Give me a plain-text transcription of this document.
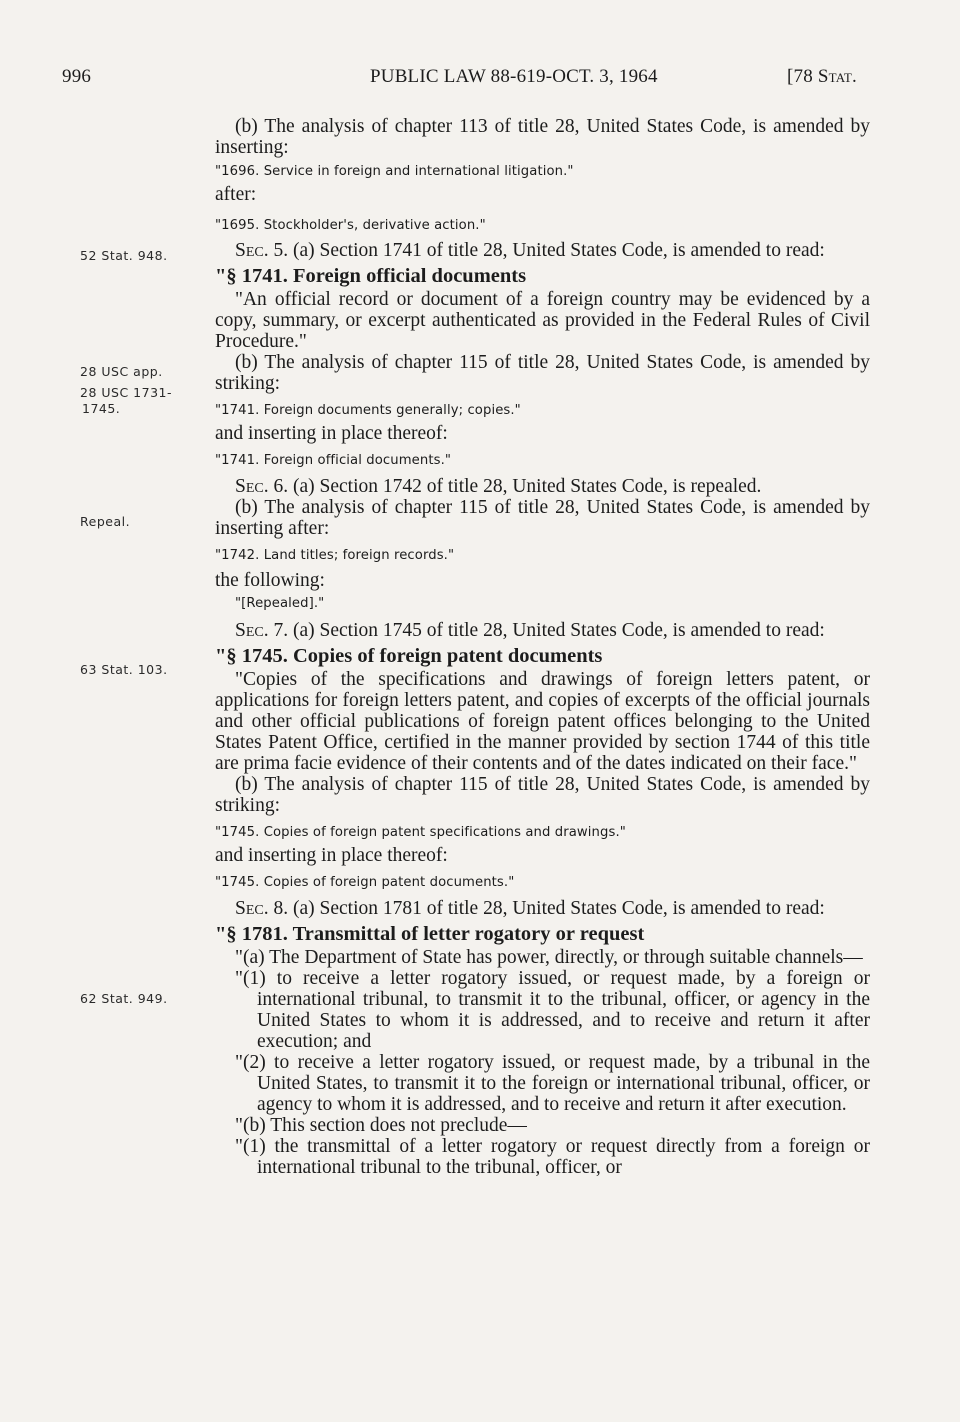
996	PUBLIC LAW 88-619-OCT. 3, 1964	[78 Stat.
52 Stat. 948.
28 USC app.
28 USC 1731-
1745.
Repeal.
63 Stat. 103.
62 Stat. 949.

(b) The analysis of chapter 113 of title 28, United States Code, is amended by inserting:

"1696. Service in foreign and international litigation."

after:

"1695. Stockholder's, derivative action."

Sec. 5. (a) Section 1741 of title 28, United States Code, is amended to read:

"§ 1741. Foreign official documents

"An official record or document of a foreign country may be evidenced by a copy, summary, or excerpt authenticated as provided in the Federal Rules of Civil Procedure."

(b) The analysis of chapter 115 of title 28, United States Code, is amended by striking:

"1741. Foreign documents generally; copies."

and inserting in place thereof:

"1741. Foreign official documents."

Sec. 6. (a) Section 1742 of title 28, United States Code, is repealed.

(b) The analysis of chapter 115 of title 28, United States Code, is amended by inserting after:

"1742. Land titles; foreign records."

the following:

"[Repealed]."

Sec. 7. (a) Section 1745 of title 28, United States Code, is amended to read:

"§ 1745. Copies of foreign patent documents

"Copies of the specifications and drawings of foreign letters patent, or applications for foreign letters patent, and copies of excerpts of the official journals and other official publications of foreign patent offices belonging to the United States Patent Office, certified in the manner provided by section 1744 of this title are prima facie evidence of their contents and of the dates indicated on their face."

(b) The analysis of chapter 115 of title 28, United States Code, is amended by striking:

"1745. Copies of foreign patent specifications and drawings."

and inserting in place thereof:

"1745. Copies of foreign patent documents."

Sec. 8. (a) Section 1781 of title 28, United States Code, is amended to read:

"§ 1781. Transmittal of letter rogatory or request

"(a) The Department of State has power, directly, or through suitable channels—

"(1) to receive a letter rogatory issued, or request made, by a foreign or international tribunal, to transmit it to the tribunal, officer, or agency in the United States to whom it is addressed, and to receive and return it after execution; and

"(2) to receive a letter rogatory issued, or request made, by a tribunal in the United States, to transmit it to the foreign or international tribunal, officer, or agency to whom it is addressed, and to receive and return it after execution.

"(b) This section does not preclude—

"(1) the transmittal of a letter rogatory or request directly from a foreign or international tribunal to the tribunal, officer, or
